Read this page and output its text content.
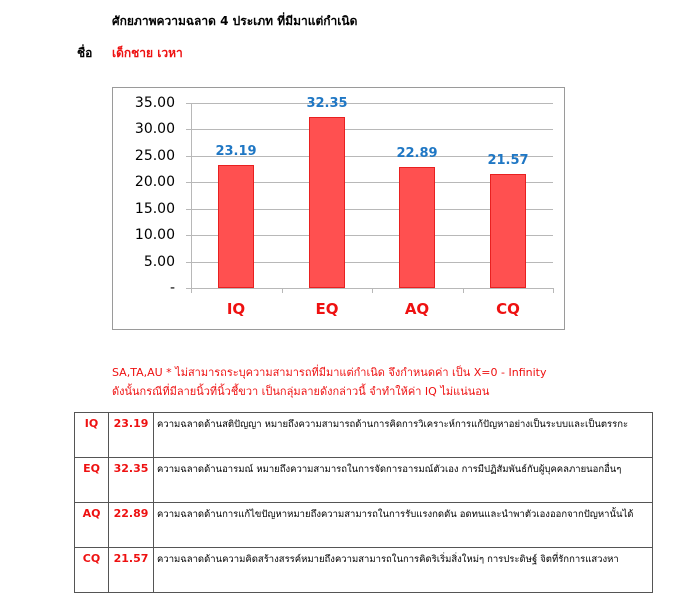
ศักยภาพความฉลาด 4 ประเภท ที่มีมาแต่กำเนิด
ชื่อ เด็กชาย เวหา
35.00
30.00
25.00
20.00
15.00
10.00
5.00
-
23.19
IQ
32.35
EQ
22.89
AQ
21.57
CQ
SA,TA,AU * ไม่สามารถระบุความสามารถที่มีมาแต่กำเนิด จึงกำหนดค่า เป็น X=0 - Infinity
ดังนั้นกรณีที่มีลายนิ้วที่นิ้วชี้ขวา เป็นกลุ่มลายดังกล่าวนี้ จำทำให้ค่า IQ ไม่แน่นอน
IQ	23.19	ความฉลาดด้านสติปัญญา หมายถึงความสามารถด้านการคิดการวิเคราะห์การแก้ปัญหาอย่างเป็นระบบและเป็นตรรกะ
EQ	32.35	ความฉลาดด้านอารมณ์ หมายถึงความสามารถในการจัดการอารมณ์ตัวเอง การมีปฏิสัมพันธ์กับผู้บุคคลภายนอกอื่นๆ
AQ	22.89	ความฉลาดด้านการแก้ไขปัญหาหมายถึงความสามารถในการรับแรงกดดัน อดทนและนำพาตัวเองออกจากปัญหานั้นได้
CQ	21.57	ความฉลาดด้านความคิดสร้างสรรค์หมายถึงความสามารถในการคิดริเริ่มสิ่งใหม่ๆ การประดิษฐ์ จิตที่รักการแสวงหา
